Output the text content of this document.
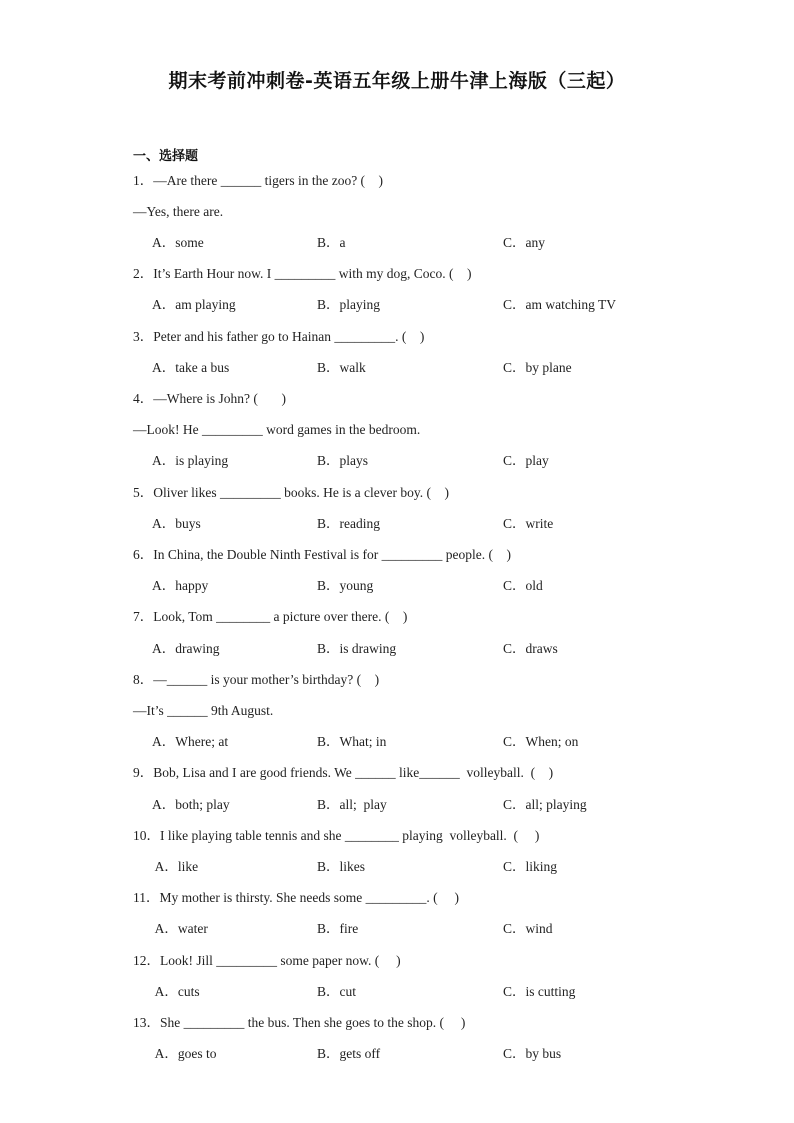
期末考前冲刺卷-英语五年级上册牛津上海版（三起）
一、选择题
1．—Are there ______ tigers in the zoo? (    )
—Yes, there are.
A．some	B．a	C．any
2．It’s Earth Hour now. I _________ with my dog, Coco. (    )
A．am playing	B．playing	C．am watching TV
3．Peter and his father go to Hainan _________. (    )
A．take a bus	B．walk	C．by plane
4．—Where is John? (       )
—Look! He _________ word games in the bedroom.
A．is playing	B．plays	C．play
5．Oliver likes _________ books. He is a clever boy. (    )
A．buys	B．reading	C．write
6．In China, the Double Ninth Festival is for _________ people. (    )
A．happy	B．young	C．old
7．Look, Tom ________ a picture over there. (    )
A．drawing	B．is drawing	C．draws
8．—______ is your mother’s birthday? (    )
—It’s ______ 9th August.
A．Where; at	B．What; in	C．When; on
9．Bob, Lisa and I are good friends. We ______ like______  volleyball.  (    )
A．both; play	B．all;  play	C．all; playing
10．I like playing table tennis and she ________ playing  volleyball.  (     )
A．like	B．likes	C．liking
11．My mother is thirsty. She needs some _________. (     )
A．water	B．fire	C．wind
12．Look! Jill _________ some paper now. (     )
A．cuts	B．cut	C．is cutting
13．She _________ the bus. Then she goes to the shop. (     )
A．goes to	B．gets off	C．by bus
